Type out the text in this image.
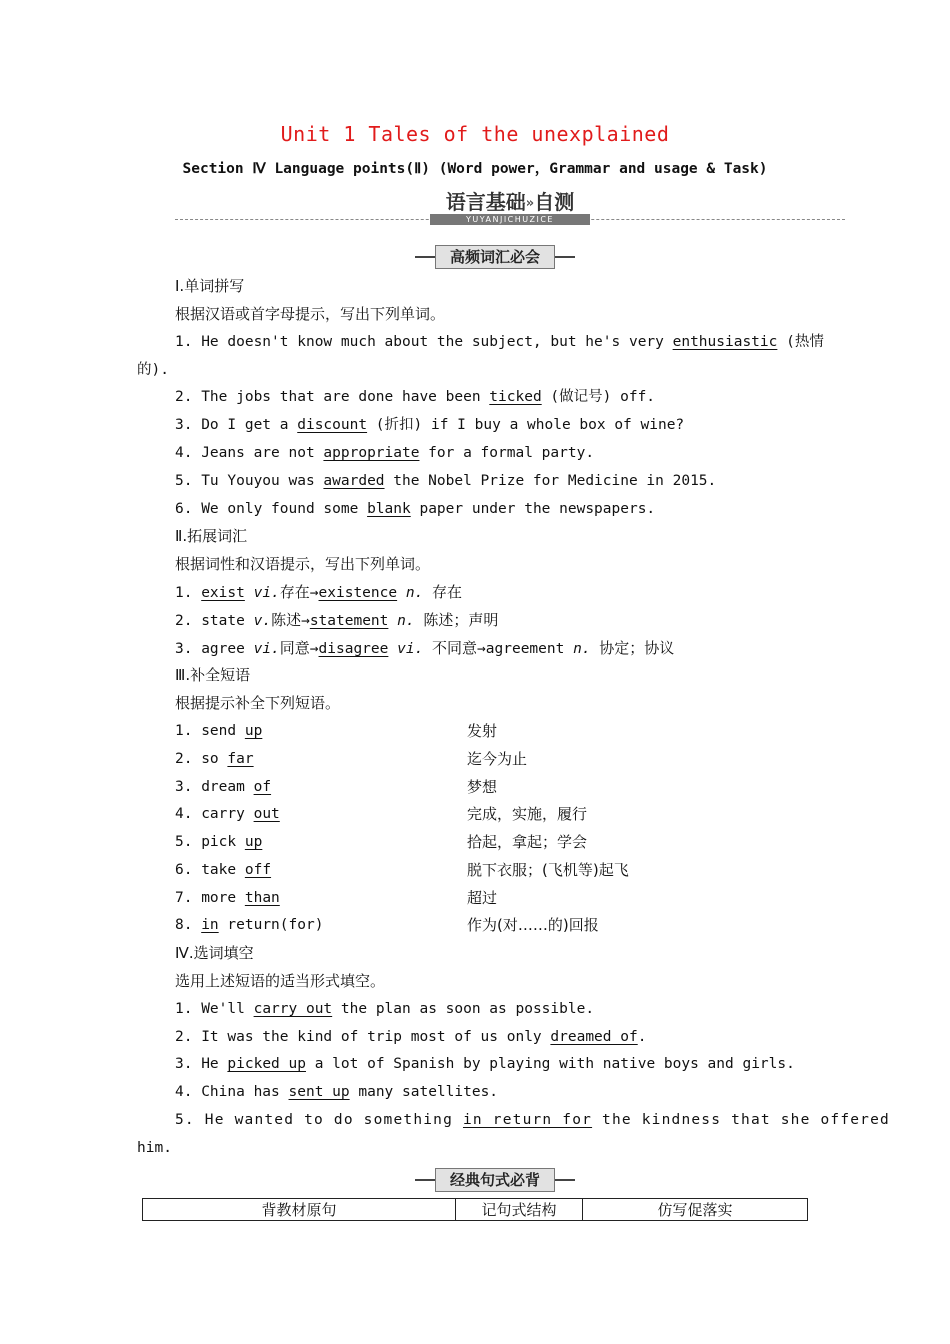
Unit 1 Tales of the unexplained
Section Ⅳ Language points(Ⅱ) (Word power，Grammar and usage & Task)
语言基础»自测
YUYANJICHUZICE
高频词汇必会
Ⅰ.单词拼写
根据汉语或首字母提示，写出下列单词。
Ⅱ.拓展词汇
根据词性和汉语提示，写出下列单词。
Ⅲ.补全短语
根据提示补全下列短语。
Ⅳ.选词填空
选用上述短语的适当形式填空。
经典句式必背
背教材原句	记句式结构	仿写促落实
1. He doesn't know much about the subject, but he's very enthusiastic (热情
的).
2. The jobs that are done have been ticked (做记号) off.
3. Do I get a discount (折扣) if I buy a whole box of wine?
4. Jeans are not appropriate for a formal party.
5. Tu Youyou was awarded the Nobel Prize for Medicine in 2015.
6. We only found some blank paper under the newspapers.
1. exist vi.存在→existence n. 存在
2. state v.陈述→statement n. 陈述；声明
3. agree vi.同意→disagree vi. 不同意→agreement n. 协定；协议
1. send up	发射
2. so far	迄今为止
3. dream of	梦想
4. carry out	完成，实施，履行
5. pick up	拾起，拿起；学会
6. take off	脱下衣服；(飞机等)起飞
7. more than	超过
8. in return(for)	作为(对……的)回报
1. We'll carry out the plan as soon as possible.
2. It was the kind of trip most of us only dreamed of.
3. He picked up a lot of Spanish by playing with native boys and girls.
4. China has sent up many satellites.
5. He wanted to do something in return for the kindness that she offered
him.
